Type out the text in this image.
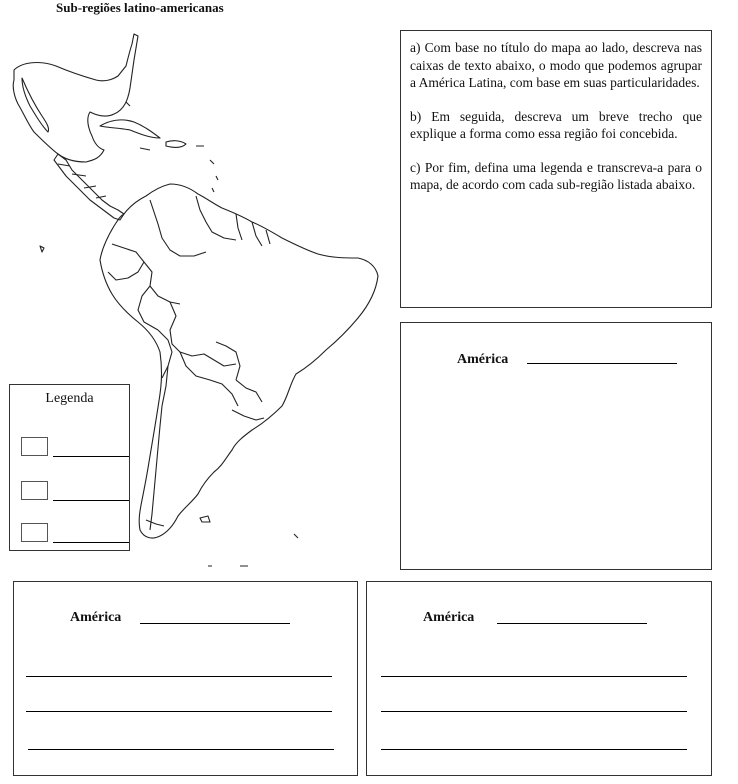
Sub-regiões latino-americanas

a) Com base no título do mapa ao lado, descreva nas caixas de texto abaixo, o modo que podemos agrupar a América Latina, com base em suas particularidades.

b) Em seguida, descreva um breve trecho que explique a forma como essa região foi concebida.

c) Por fim, defina uma legenda e transcreva-a para o mapa, de acordo com cada sub-região listada abaixo.

Legenda
América
América	América
